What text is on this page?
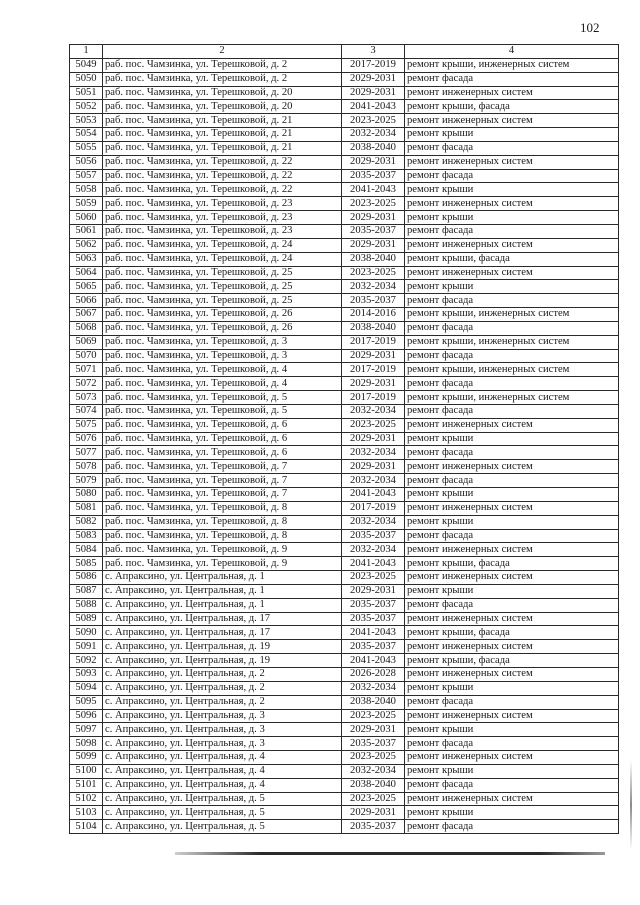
102
1	2	3	4
5049	раб. пос. Чамзинка, ул. Терешковой, д. 2	2017-2019	ремонт крыши, инженерных систем
5050	раб. пос. Чамзинка, ул. Терешковой, д. 2	2029-2031	ремонт фасада
5051	раб. пос. Чамзинка, ул. Терешковой, д. 20	2029-2031	ремонт инженерных систем
5052	раб. пос. Чамзинка, ул. Терешковой, д. 20	2041-2043	ремонт крыши, фасада
5053	раб. пос. Чамзинка, ул. Терешковой, д. 21	2023-2025	ремонт инженерных систем
5054	раб. пос. Чамзинка, ул. Терешковой, д. 21	2032-2034	ремонт крыши
5055	раб. пос. Чамзинка, ул. Терешковой, д. 21	2038-2040	ремонт фасада
5056	раб. пос. Чамзинка, ул. Терешковой, д. 22	2029-2031	ремонт инженерных систем
5057	раб. пос. Чамзинка, ул. Терешковой, д. 22	2035-2037	ремонт фасада
5058	раб. пос. Чамзинка, ул. Терешковой, д. 22	2041-2043	ремонт крыши
5059	раб. пос. Чамзинка, ул. Терешковой, д. 23	2023-2025	ремонт инженерных систем
5060	раб. пос. Чамзинка, ул. Терешковой, д. 23	2029-2031	ремонт крыши
5061	раб. пос. Чамзинка, ул. Терешковой, д. 23	2035-2037	ремонт фасада
5062	раб. пос. Чамзинка, ул. Терешковой, д. 24	2029-2031	ремонт инженерных систем
5063	раб. пос. Чамзинка, ул. Терешковой, д. 24	2038-2040	ремонт крыши, фасада
5064	раб. пос. Чамзинка, ул. Терешковой, д. 25	2023-2025	ремонт инженерных систем
5065	раб. пос. Чамзинка, ул. Терешковой, д. 25	2032-2034	ремонт крыши
5066	раб. пос. Чамзинка, ул. Терешковой, д. 25	2035-2037	ремонт фасада
5067	раб. пос. Чамзинка, ул. Терешковой, д. 26	2014-2016	ремонт крыши, инженерных систем
5068	раб. пос. Чамзинка, ул. Терешковой, д. 26	2038-2040	ремонт фасада
5069	раб. пос. Чамзинка, ул. Терешковой, д. 3	2017-2019	ремонт крыши, инженерных систем
5070	раб. пос. Чамзинка, ул. Терешковой, д. 3	2029-2031	ремонт фасада
5071	раб. пос. Чамзинка, ул. Терешковой, д. 4	2017-2019	ремонт крыши, инженерных систем
5072	раб. пос. Чамзинка, ул. Терешковой, д. 4	2029-2031	ремонт фасада
5073	раб. пос. Чамзинка, ул. Терешковой, д. 5	2017-2019	ремонт крыши, инженерных систем
5074	раб. пос. Чамзинка, ул. Терешковой, д. 5	2032-2034	ремонт фасада
5075	раб. пос. Чамзинка, ул. Терешковой, д. 6	2023-2025	ремонт инженерных систем
5076	раб. пос. Чамзинка, ул. Терешковой, д. 6	2029-2031	ремонт крыши
5077	раб. пос. Чамзинка, ул. Терешковой, д. 6	2032-2034	ремонт фасада
5078	раб. пос. Чамзинка, ул. Терешковой, д. 7	2029-2031	ремонт инженерных систем
5079	раб. пос. Чамзинка, ул. Терешковой, д. 7	2032-2034	ремонт фасада
5080	раб. пос. Чамзинка, ул. Терешковой, д. 7	2041-2043	ремонт крыши
5081	раб. пос. Чамзинка, ул. Терешковой, д. 8	2017-2019	ремонт инженерных систем
5082	раб. пос. Чамзинка, ул. Терешковой, д. 8	2032-2034	ремонт крыши
5083	раб. пос. Чамзинка, ул. Терешковой, д. 8	2035-2037	ремонт фасада
5084	раб. пос. Чамзинка, ул. Терешковой, д. 9	2032-2034	ремонт инженерных систем
5085	раб. пос. Чамзинка, ул. Терешковой, д. 9	2041-2043	ремонт крыши, фасада
5086	с. Апраксино, ул. Центральная, д. 1	2023-2025	ремонт инженерных систем
5087	с. Апраксино, ул. Центральная, д. 1	2029-2031	ремонт крыши
5088	с. Апраксино, ул. Центральная, д. 1	2035-2037	ремонт фасада
5089	с. Апраксино, ул. Центральная, д. 17	2035-2037	ремонт инженерных систем
5090	с. Апраксино, ул. Центральная, д. 17	2041-2043	ремонт крыши, фасада
5091	с. Апраксино, ул. Центральная, д. 19	2035-2037	ремонт инженерных систем
5092	с. Апраксино, ул. Центральная, д. 19	2041-2043	ремонт крыши, фасада
5093	с. Апраксино, ул. Центральная, д. 2	2026-2028	ремонт инженерных систем
5094	с. Апраксино, ул. Центральная, д. 2	2032-2034	ремонт крыши
5095	с. Апраксино, ул. Центральная, д. 2	2038-2040	ремонт фасада
5096	с. Апраксино, ул. Центральная, д. 3	2023-2025	ремонт инженерных систем
5097	с. Апраксино, ул. Центральная, д. 3	2029-2031	ремонт крыши
5098	с. Апраксино, ул. Центральная, д. 3	2035-2037	ремонт фасада
5099	с. Апраксино, ул. Центральная, д. 4	2023-2025	ремонт инженерных систем
5100	с. Апраксино, ул. Центральная, д. 4	2032-2034	ремонт крыши
5101	с. Апраксино, ул. Центральная, д. 4	2038-2040	ремонт фасада
5102	с. Апраксино, ул. Центральная, д. 5	2023-2025	ремонт инженерных систем
5103	с. Апраксино, ул. Центральная, д. 5	2029-2031	ремонт крыши
5104	с. Апраксино, ул. Центральная, д. 5	2035-2037	ремонт фасада
